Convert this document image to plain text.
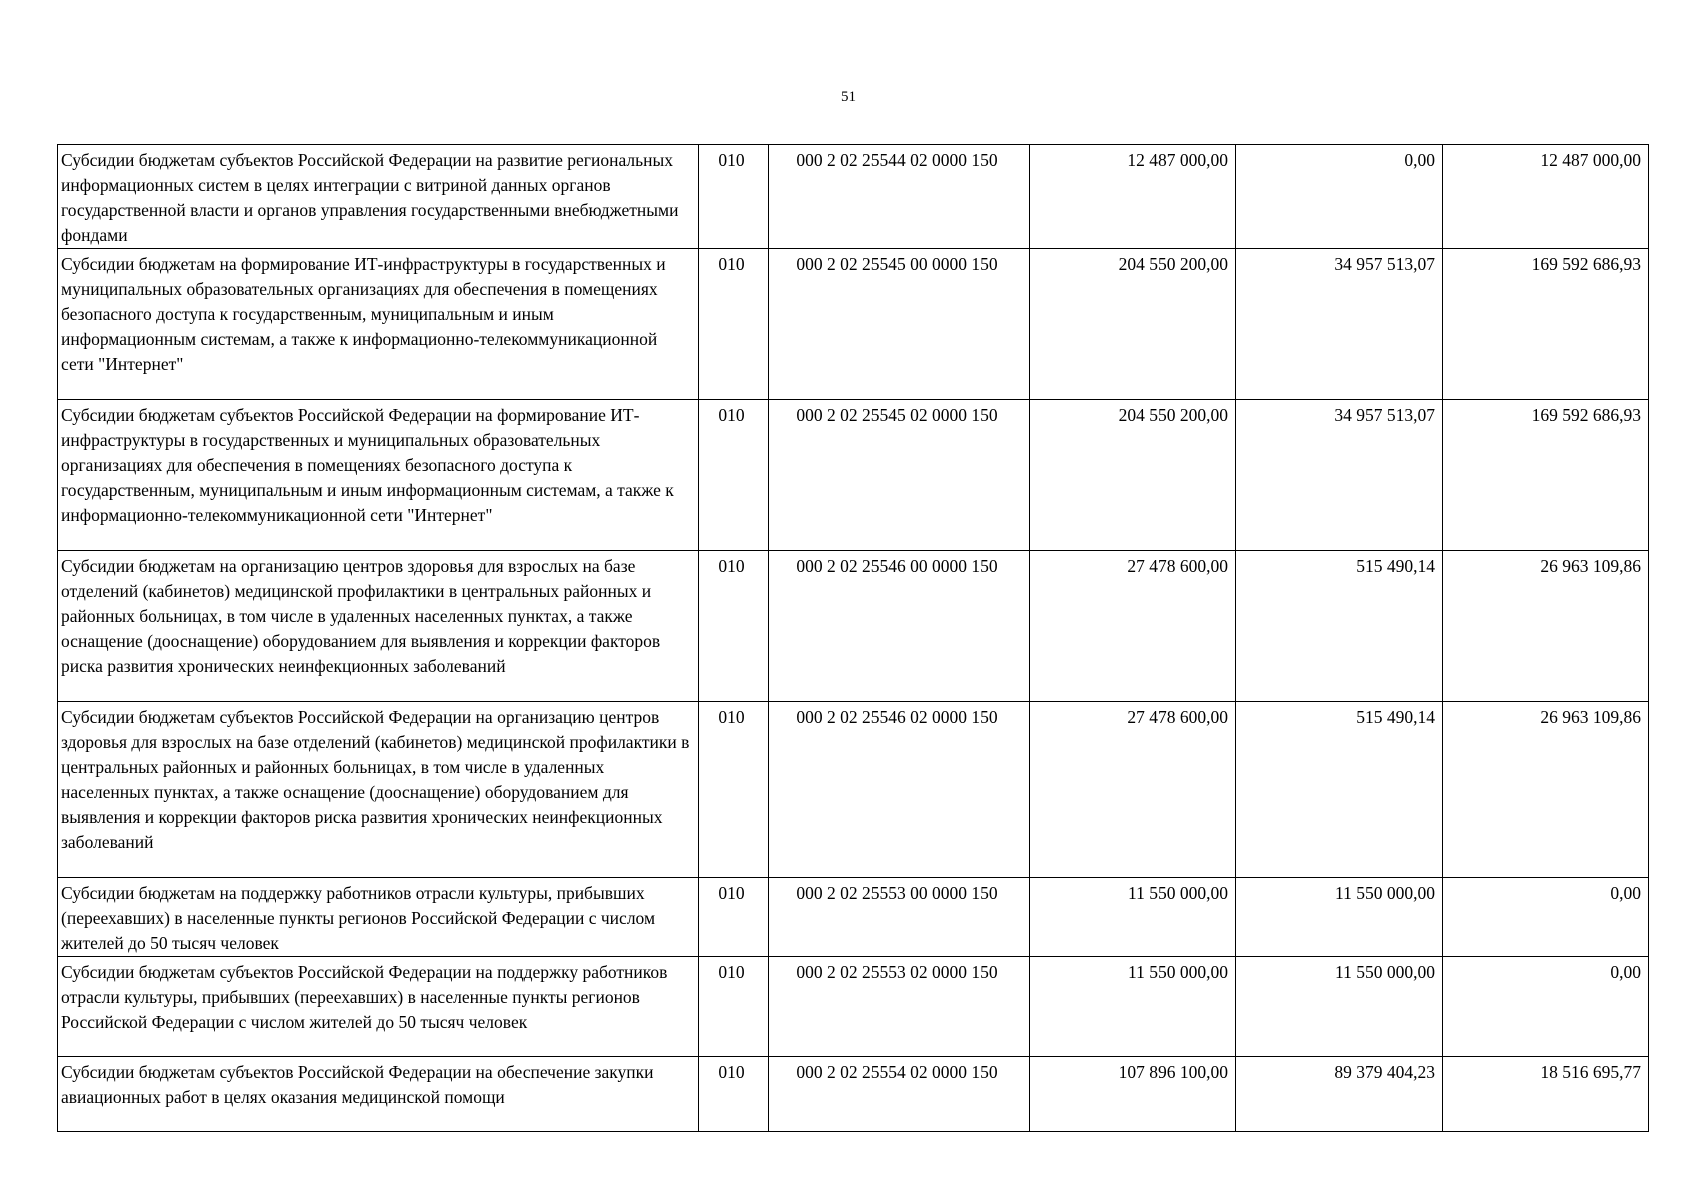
51
Субсидии бюджетам субъектов Российской Федерации на развитие региональных информационных систем в целях интеграции с витриной данных органов государственной власти и органов управления государственными внебюджетными фондами	010	000 2 02 25544 02 0000 150	12 487 000,00	0,00	12 487 000,00
Субсидии бюджетам на формирование ИТ-инфраструктуры в государственных и муниципальных образовательных организациях для обеспечения в помещениях безопасного доступа к государственным, муниципальным и иным информационным системам, а также к информационно-телекоммуникационной сети "Интернет"	010	000 2 02 25545 00 0000 150	204 550 200,00	34 957 513,07	169 592 686,93
Субсидии бюджетам субъектов Российской Федерации на формирование ИТ-инфраструктуры в государственных и муниципальных образовательных организациях для обеспечения в помещениях безопасного доступа к государственным, муниципальным и иным информационным системам, а также к информационно-телекоммуникационной сети "Интернет"	010	000 2 02 25545 02 0000 150	204 550 200,00	34 957 513,07	169 592 686,93
Субсидии бюджетам на организацию центров здоровья для взрослых на базе отделений (кабинетов) медицинской профилактики в центральных районных и районных больницах, в том числе в удаленных населенных пунктах, а также оснащение (дооснащение) оборудованием для выявления и коррекции факторов риска развития хронических неинфекционных заболеваний	010	000 2 02 25546 00 0000 150	27 478 600,00	515 490,14	26 963 109,86
Субсидии бюджетам субъектов Российской Федерации на организацию центров здоровья для взрослых на базе отделений (кабинетов) медицинской профилактики в центральных районных и районных больницах, в том числе в удаленных населенных пунктах, а также оснащение (дооснащение) оборудованием для выявления и коррекции факторов риска развития хронических неинфекционных заболеваний	010	000 2 02 25546 02 0000 150	27 478 600,00	515 490,14	26 963 109,86
Субсидии бюджетам на поддержку работников отрасли культуры, прибывших (переехавших) в населенные пункты регионов Российской Федерации с числом жителей до 50 тысяч человек	010	000 2 02 25553 00 0000 150	11 550 000,00	11 550 000,00	0,00
Субсидии бюджетам субъектов Российской Федерации на поддержку работников отрасли культуры, прибывших (переехавших) в населенные пункты регионов Российской Федерации с числом жителей до 50 тысяч человек	010	000 2 02 25553 02 0000 150	11 550 000,00	11 550 000,00	0,00
Субсидии бюджетам субъектов Российской Федерации на обеспечение закупки авиационных работ в целях оказания медицинской помощи	010	000 2 02 25554 02 0000 150	107 896 100,00	89 379 404,23	18 516 695,77
